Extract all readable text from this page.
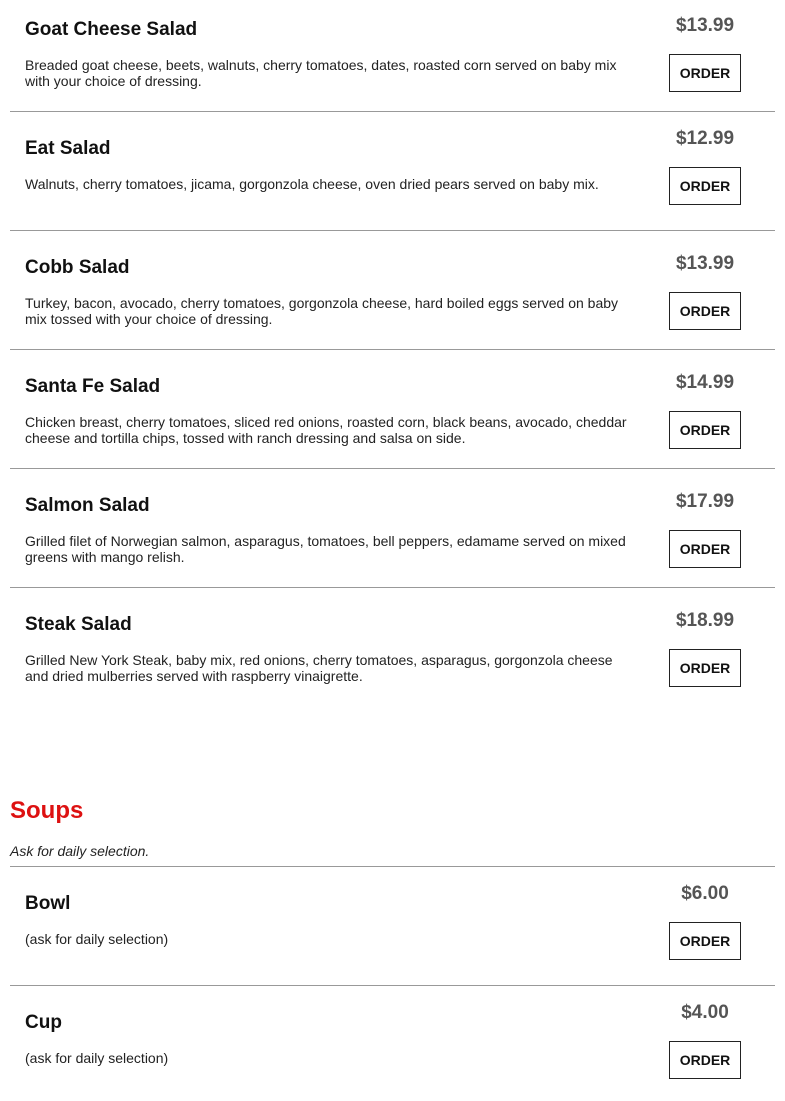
Goat Cheese Salad
Breaded goat cheese, beets, walnuts, cherry tomatoes, dates, roasted corn served on baby mix with your choice of dressing.
$13.99
ORDER
Eat Salad
Walnuts, cherry tomatoes, jicama, gorgonzola cheese, oven dried pears served on baby mix.
$12.99
ORDER
Cobb Salad
Turkey, bacon, avocado, cherry tomatoes, gorgonzola cheese, hard boiled eggs served on baby mix tossed with your choice of dressing.
$13.99
ORDER
Santa Fe Salad
Chicken breast, cherry tomatoes, sliced red onions, roasted corn, black beans, avocado, cheddar cheese and tortilla chips, tossed with ranch dressing and salsa on side.
$14.99
ORDER
Salmon Salad
Grilled filet of Norwegian salmon, asparagus, tomatoes, bell peppers, edamame served on mixed greens with mango relish.
$17.99
ORDER
Steak Salad
Grilled New York Steak, baby mix, red onions, cherry tomatoes, asparagus, gorgonzola cheese and dried mulberries served with raspberry vinaigrette.
$18.99
ORDER
Soups
Ask for daily selection.
Bowl
(ask for daily selection)
$6.00
ORDER
Cup
(ask for daily selection)
$4.00
ORDER
